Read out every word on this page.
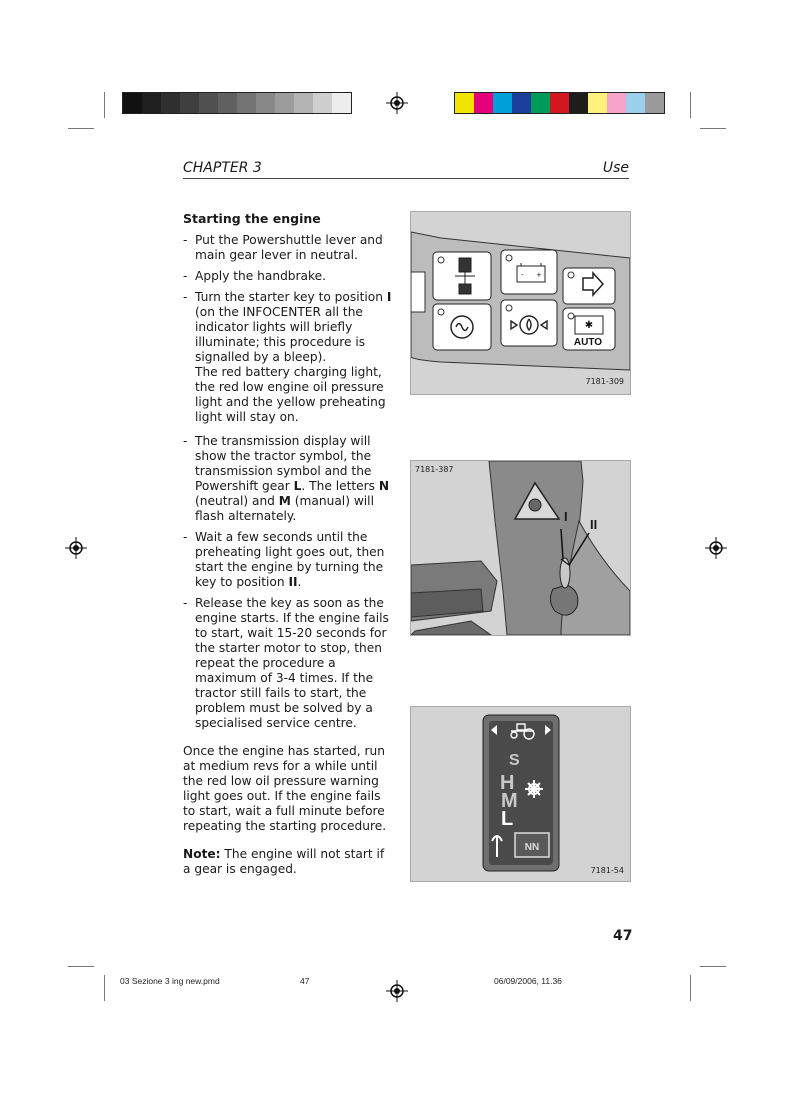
CHAPTER 3	Use
Starting the engine
- Put the Powershuttle lever and main gear lever in neutral.
- Apply the handbrake.
- Turn the starter key to position I (on the INFOCENTER all the indicator lights will briefly illuminate; this procedure is signalled by a bleep).
The red battery charging light, the red low engine oil pressure light and the yellow preheating light will stay on.
- The transmission display will show the tractor symbol, the transmission symbol and the Powershift gear L. The letters N (neutral) and M (manual) will flash alternately.
- Wait a few seconds until the preheating light goes out, then start the engine by turning the key to position II.
- Release the key as soon as the engine starts. If the engine fails to start, wait 15-20 seconds for the starter motor to stop, then repeat the procedure a maximum of 3-4 times. If the tractor still fails to start, the problem must be solved by a specialised service centre.

Once the engine has started, run at medium revs for a while until the red low oil pressure warning light goes out. If the engine fails to start, wait a full minute before repeating the starting procedure.

Note: The engine will not start if a gear is engaged.

- +
✱
AUTO
7181-309
7181-387
I
II
S
H
M
L
NN
7181-54
47
03 Sezione 3 ing new.pmd	47	06/09/2006, 11.36
